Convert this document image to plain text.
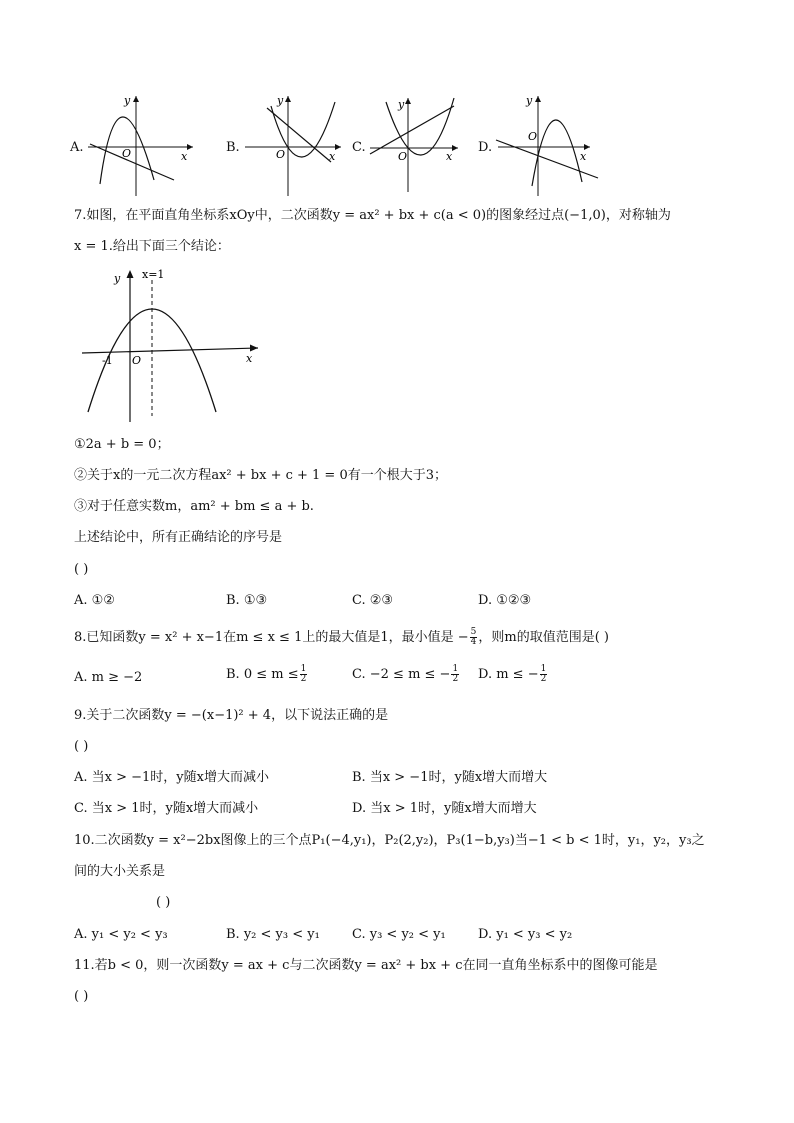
A.
x
y
O	B.
x
y
O	C.
x
y
O
D.
x
y
O
7.如图，在平面直角坐标系xOy中，二次函数y = ax² + bx + c(a < 0)的图象经过点(−1,0)，对称轴为
x = 1.给出下面三个结论：
y
x
O
-1
x=1
①2a + b = 0；
②关于x的一元二次方程ax² + bx + c + 1 = 0有一个根大于3；
③对于任意实数m，am² + bm ≤ a + b.
上述结论中，所有正确结论的序号是
( )
A. ①②	B. ①③	C. ②③	D. ①②③
8.已知函数y = x² + x−1在m ≤ x ≤ 1上的最大值是1，最小值是 − $\frac{5}{4}$ ，则m的取值范围是( )
A. m ≥ −2	B. $0 \le m \le \frac{1}{2}$	C. −2 ≤ m ≤ − $\frac{1}{2} D$. m ≤ − $\frac{1}{2}$
9.关于二次函数y = −(x−1)² + 4，以下说法正确的是
( )
A. 当x > −1时，y随x增大而减小	B. 当x > −1时，y随x增大而增大
C. 当x > 1时，y随x增大而减小	D. 当x > 1时，y随x增大而增大
10.二次函数y = x²−2bx图像上的三个点P₁(−4,y₁)，P₂(2,y₂)，P₃(1−b,y₃)当−1 < b < 1时，y₁，y₂，y₃之
间的大小关系是
( )
A. y₁ < y₂ < y₃	B. y₂ < y₃ < y₁ C. y₃ < y₂ < y₁ D. y₁ < y₃ < y₂
11.若b < 0，则一次函数y = ax + c与二次函数y = ax² + bx + c在同一直角坐标系中的图像可能是
( )
